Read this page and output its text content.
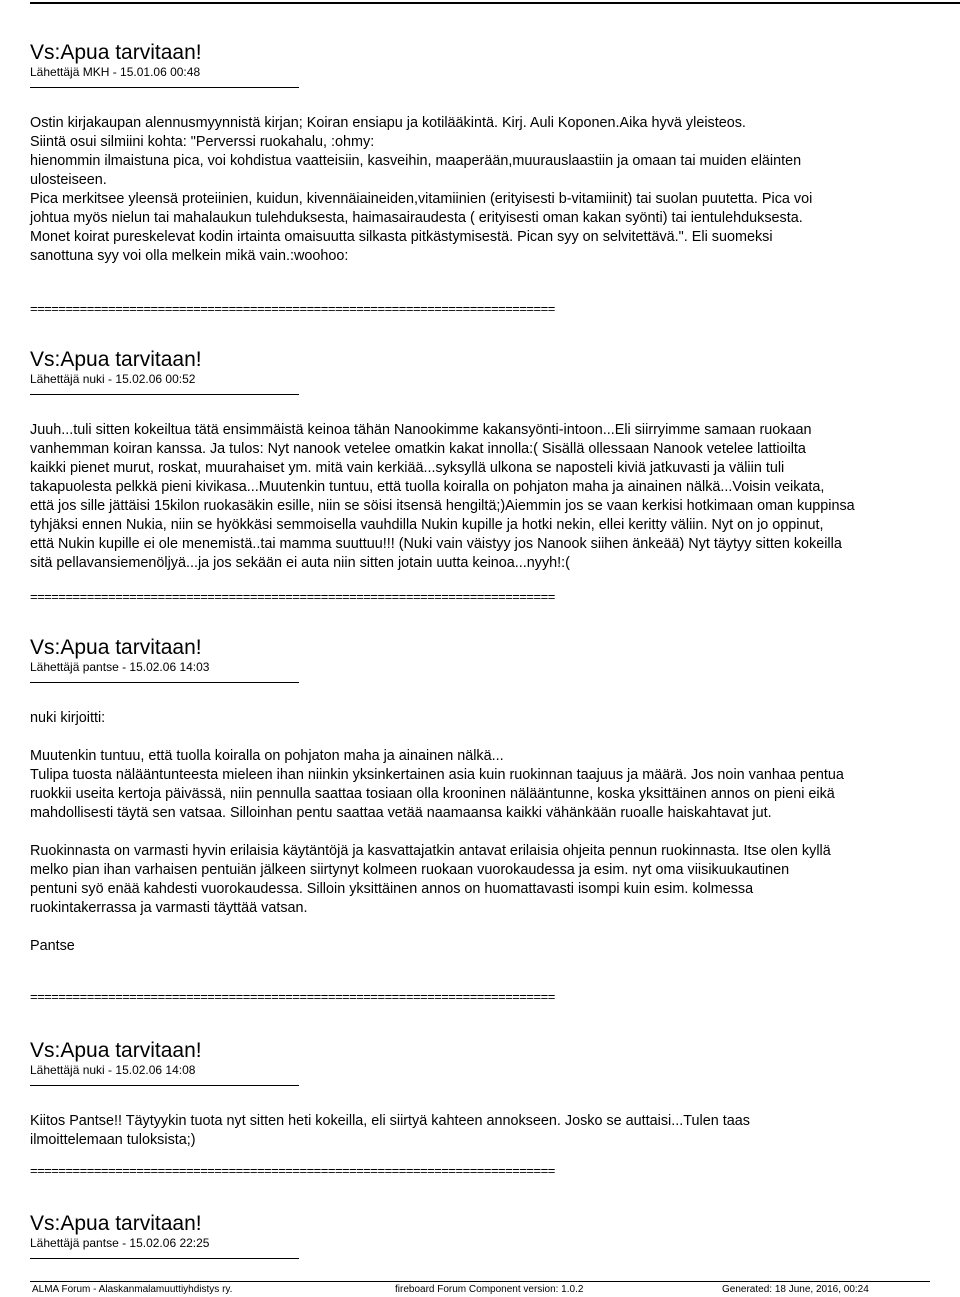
Vs:Apua tarvitaan!
Lähettäjä MKH - 15.01.06 00:48
Ostin kirjakaupan alennusmyynnistä kirjan; Koiran ensiapu ja kotilääkintä. Kirj. Auli Koponen.Aika hyvä yleisteos.
Siintä osui silmiini kohta: "Perverssi ruokahalu, :ohmy:
hienommin ilmaistuna pica, voi kohdistua vaatteisiin, kasveihin, maaperään,muurauslaastiin ja omaan tai muiden eläinten
ulosteiseen.
Pica merkitsee yleensä proteiinien, kuidun, kivennäiaineiden,vitamiinien (erityisesti b-vitamiinit) tai suolan puutetta. Pica voi
johtua myös nielun tai mahalaukun tulehduksesta, haimasairaudesta ( erityisesti oman kakan syönti) tai ientulehduksesta.
Monet koirat pureskelevat kodin irtainta omaisuutta silkasta pitkästymisestä. Pican syy on selvitettävä.". Eli suomeksi
sanottuna syy voi olla melkein mikä vain.:woohoo:
==========================================================================
Vs:Apua tarvitaan!
Lähettäjä nuki - 15.02.06 00:52
Juuh...tuli sitten kokeiltua tätä ensimmäistä keinoa tähän Nanookimme kakansyönti-intoon...Eli siirryimme samaan ruokaan
vanhemman koiran kanssa. Ja tulos: Nyt nanook vetelee omatkin kakat innolla:( Sisällä ollessaan Nanook vetelee lattioilta
kaikki pienet murut, roskat, muurahaiset ym. mitä vain kerkiää...syksyllä ulkona se naposteli kiviä jatkuvasti ja väliin tuli
takapuolesta pelkkä pieni kivikasa...Muutenkin tuntuu, että tuolla koiralla on pohjaton maha ja ainainen nälkä...Voisin veikata,
että jos sille jättäisi 15kilon ruokasäkin esille, niin se söisi itsensä hengiltä;)Aiemmin jos se vaan kerkisi hotkimaan oman kuppinsa
tyhjäksi ennen Nukia, niin se hyökkäsi semmoisella vauhdilla Nukin kupille ja hotki nekin, ellei keritty väliin. Nyt on jo oppinut,
että Nukin kupille ei ole menemistä..tai mamma suuttuu!!! (Nuki vain väistyy jos Nanook siihen änkeää) Nyt täytyy sitten kokeilla
sitä pellavansiemenöljyä...ja jos sekään ei auta niin sitten jotain uutta keinoa...nyyh!:(
==========================================================================
Vs:Apua tarvitaan!
Lähettäjä pantse - 15.02.06 14:03
nuki kirjoitti:
Muutenkin tuntuu, että tuolla koiralla on pohjaton maha ja ainainen nälkä...
Tulipa tuosta nälääntunteesta mieleen ihan niinkin yksinkertainen asia kuin ruokinnan taajuus ja määrä. Jos noin vanhaa pentua
ruokkii useita kertoja päivässä, niin pennulla saattaa tosiaan olla krooninen nälääntunne, koska yksittäinen annos on pieni eikä
mahdollisesti täytä sen vatsaa. Silloinhan pentu saattaa vetää naamaansa kaikki vähänkään ruoalle haiskahtavat jut.
Ruokinnasta on varmasti hyvin erilaisia käytäntöjä ja kasvattajatkin antavat erilaisia ohjeita pennun ruokinnasta. Itse olen kyllä
melko pian ihan varhaisen pentuiän jälkeen siirtynyt kolmeen ruokaan vuorokaudessa ja esim. nyt oma viisikuukautinen
pentuni syö enää kahdesti vuorokaudessa. Silloin yksittäinen annos on huomattavasti isompi kuin esim. kolmessa
ruokintakerrassa ja varmasti täyttää vatsan.
Pantse
==========================================================================
Vs:Apua tarvitaan!
Lähettäjä nuki - 15.02.06 14:08
Kiitos Pantse!! Täytyykin tuota nyt sitten heti kokeilla, eli siirtyä kahteen annokseen. Josko se auttaisi...Tulen taas
ilmoittelemaan tuloksista;)
==========================================================================
Vs:Apua tarvitaan!
Lähettäjä pantse - 15.02.06 22:25
ALMA Forum - Alaskanmalamuuttiyhdistys ry.	fireboard Forum Component version: 1.0.2	Generated: 18 June, 2016, 00:24
